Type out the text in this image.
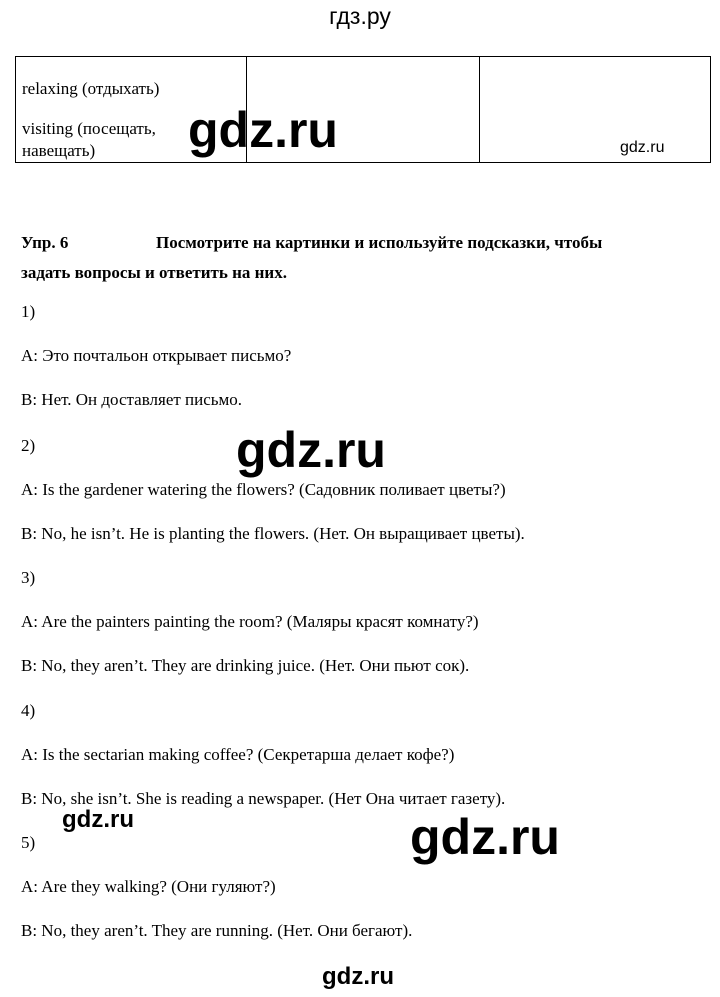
гдз.ру
relaxing (отдыхать)
visiting (посещать,
навещать)		gdz.ru
gdz.ru
Упр. 6	Посмотрите на картинки и используйте подсказки, чтобы
задать вопросы и ответить на них.
1)
А: Это почтальон открывает письмо?
В: Нет. Он доставляет письмо.
2)
A: Is the gardener watering the flowers? (Садовник поливает цветы?)
B: No, he isn’t. He is planting the flowers. (Нет. Он выращивает цветы).
3)
A: Are the painters painting the room? (Маляры красят комнату?)
B: No, they aren’t. They are drinking juice. (Нет. Они пьют сок).
4)
A: Is the sectarian making coffee? (Секретарша делает кофе?)
B: No, she isn’t. She is reading a newspaper. (Нет Она читает газету).
5)
A: Are they walking? (Они гуляют?)
B: No, they aren’t. They are running. (Нет. Они бегают).
gdz.ru
gdz.ru
gdz.ru
gdz.ru
